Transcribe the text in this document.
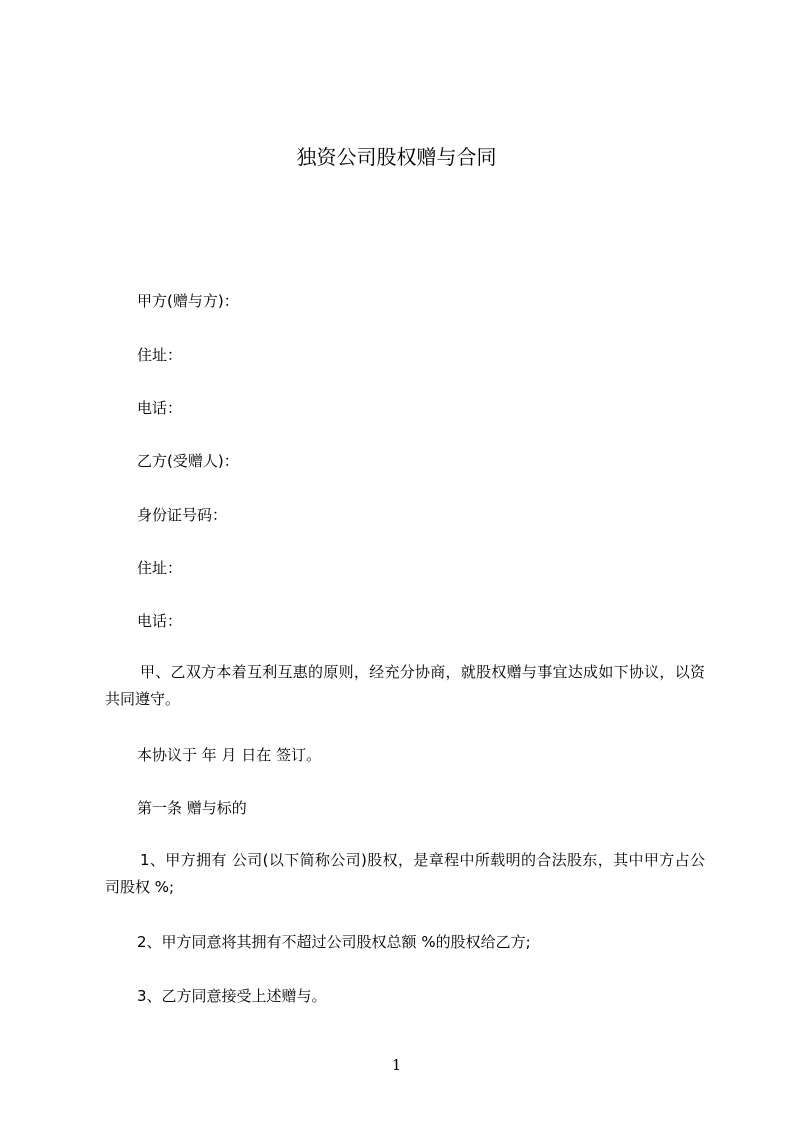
独资公司股权赠与合同

甲方(赠与方)：

住址：

电话：

乙方(受赠人)：

身份证号码：

住址：

电话：

甲、乙双方本着互利互惠的原则，经充分协商，就股权赠与事宜达成如下协议，以资共同遵守。

本协议于 年 月 日在 签订。

第一条 赠与标的

1、甲方拥有 公司(以下简称公司)股权，是章程中所载明的合法股东，其中甲方占公司股权 %;

2、甲方同意将其拥有不超过公司股权总额 %的股权给乙方;

3、乙方同意接受上述赠与。

1
